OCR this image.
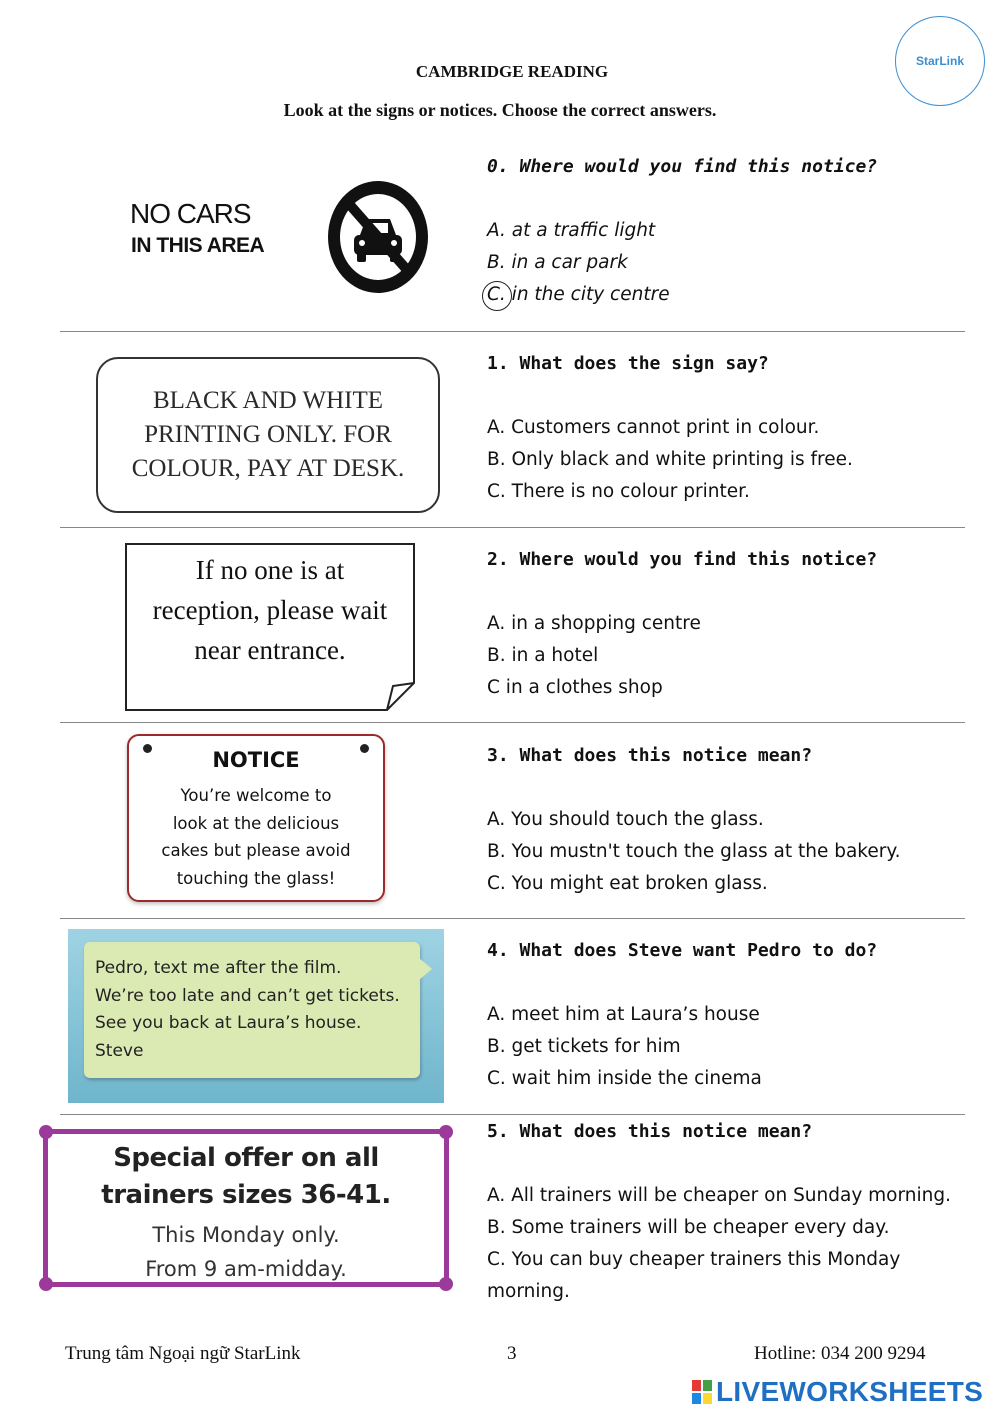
CAMBRIDGE READING
Look at the signs or notices. Choose the correct answers.
StarLink
NO CARS
IN THIS AREA
BLACK AND WHITE
PRINTING ONLY. FOR
COLOUR, PAY AT DESK.
If no one is at
reception, please wait
near entrance.
NOTICE
You’re welcome to
look at the delicious
cakes but please avoid
touching the glass!
Pedro, text me after the film.
We’re too late and can’t get tickets.
See you back at Laura’s house.
Steve
Special offer on all
trainers sizes 36-41.
This Monday only.
From 9 am-midday.
0. Where would you find this notice?
A. at a traffic light
B. in a car park
C. in the city centre
1. What does the sign say?
A. Customers cannot print in colour.
B. Only black and white printing is free.
C. There is no colour printer.
2. Where would you find this notice?
A. in a shopping centre
B. in a hotel
C in a clothes shop
3. What does this notice mean?
A. You should touch the glass.
B. You mustn't touch the glass at the bakery.
C. You might eat broken glass.
4. What does Steve want Pedro to do?
A. meet him at Laura’s house
B. get tickets for him
C. wait him inside the cinema
5. What does this notice mean?
A. All trainers will be cheaper on Sunday morning.
B. Some trainers will be cheaper every day.
C. You can buy cheaper trainers this Monday
morning.
Trung tâm Ngoại ngữ StarLink	3	Hotline: 034 200 9294
LIVEWORKSHEETS
